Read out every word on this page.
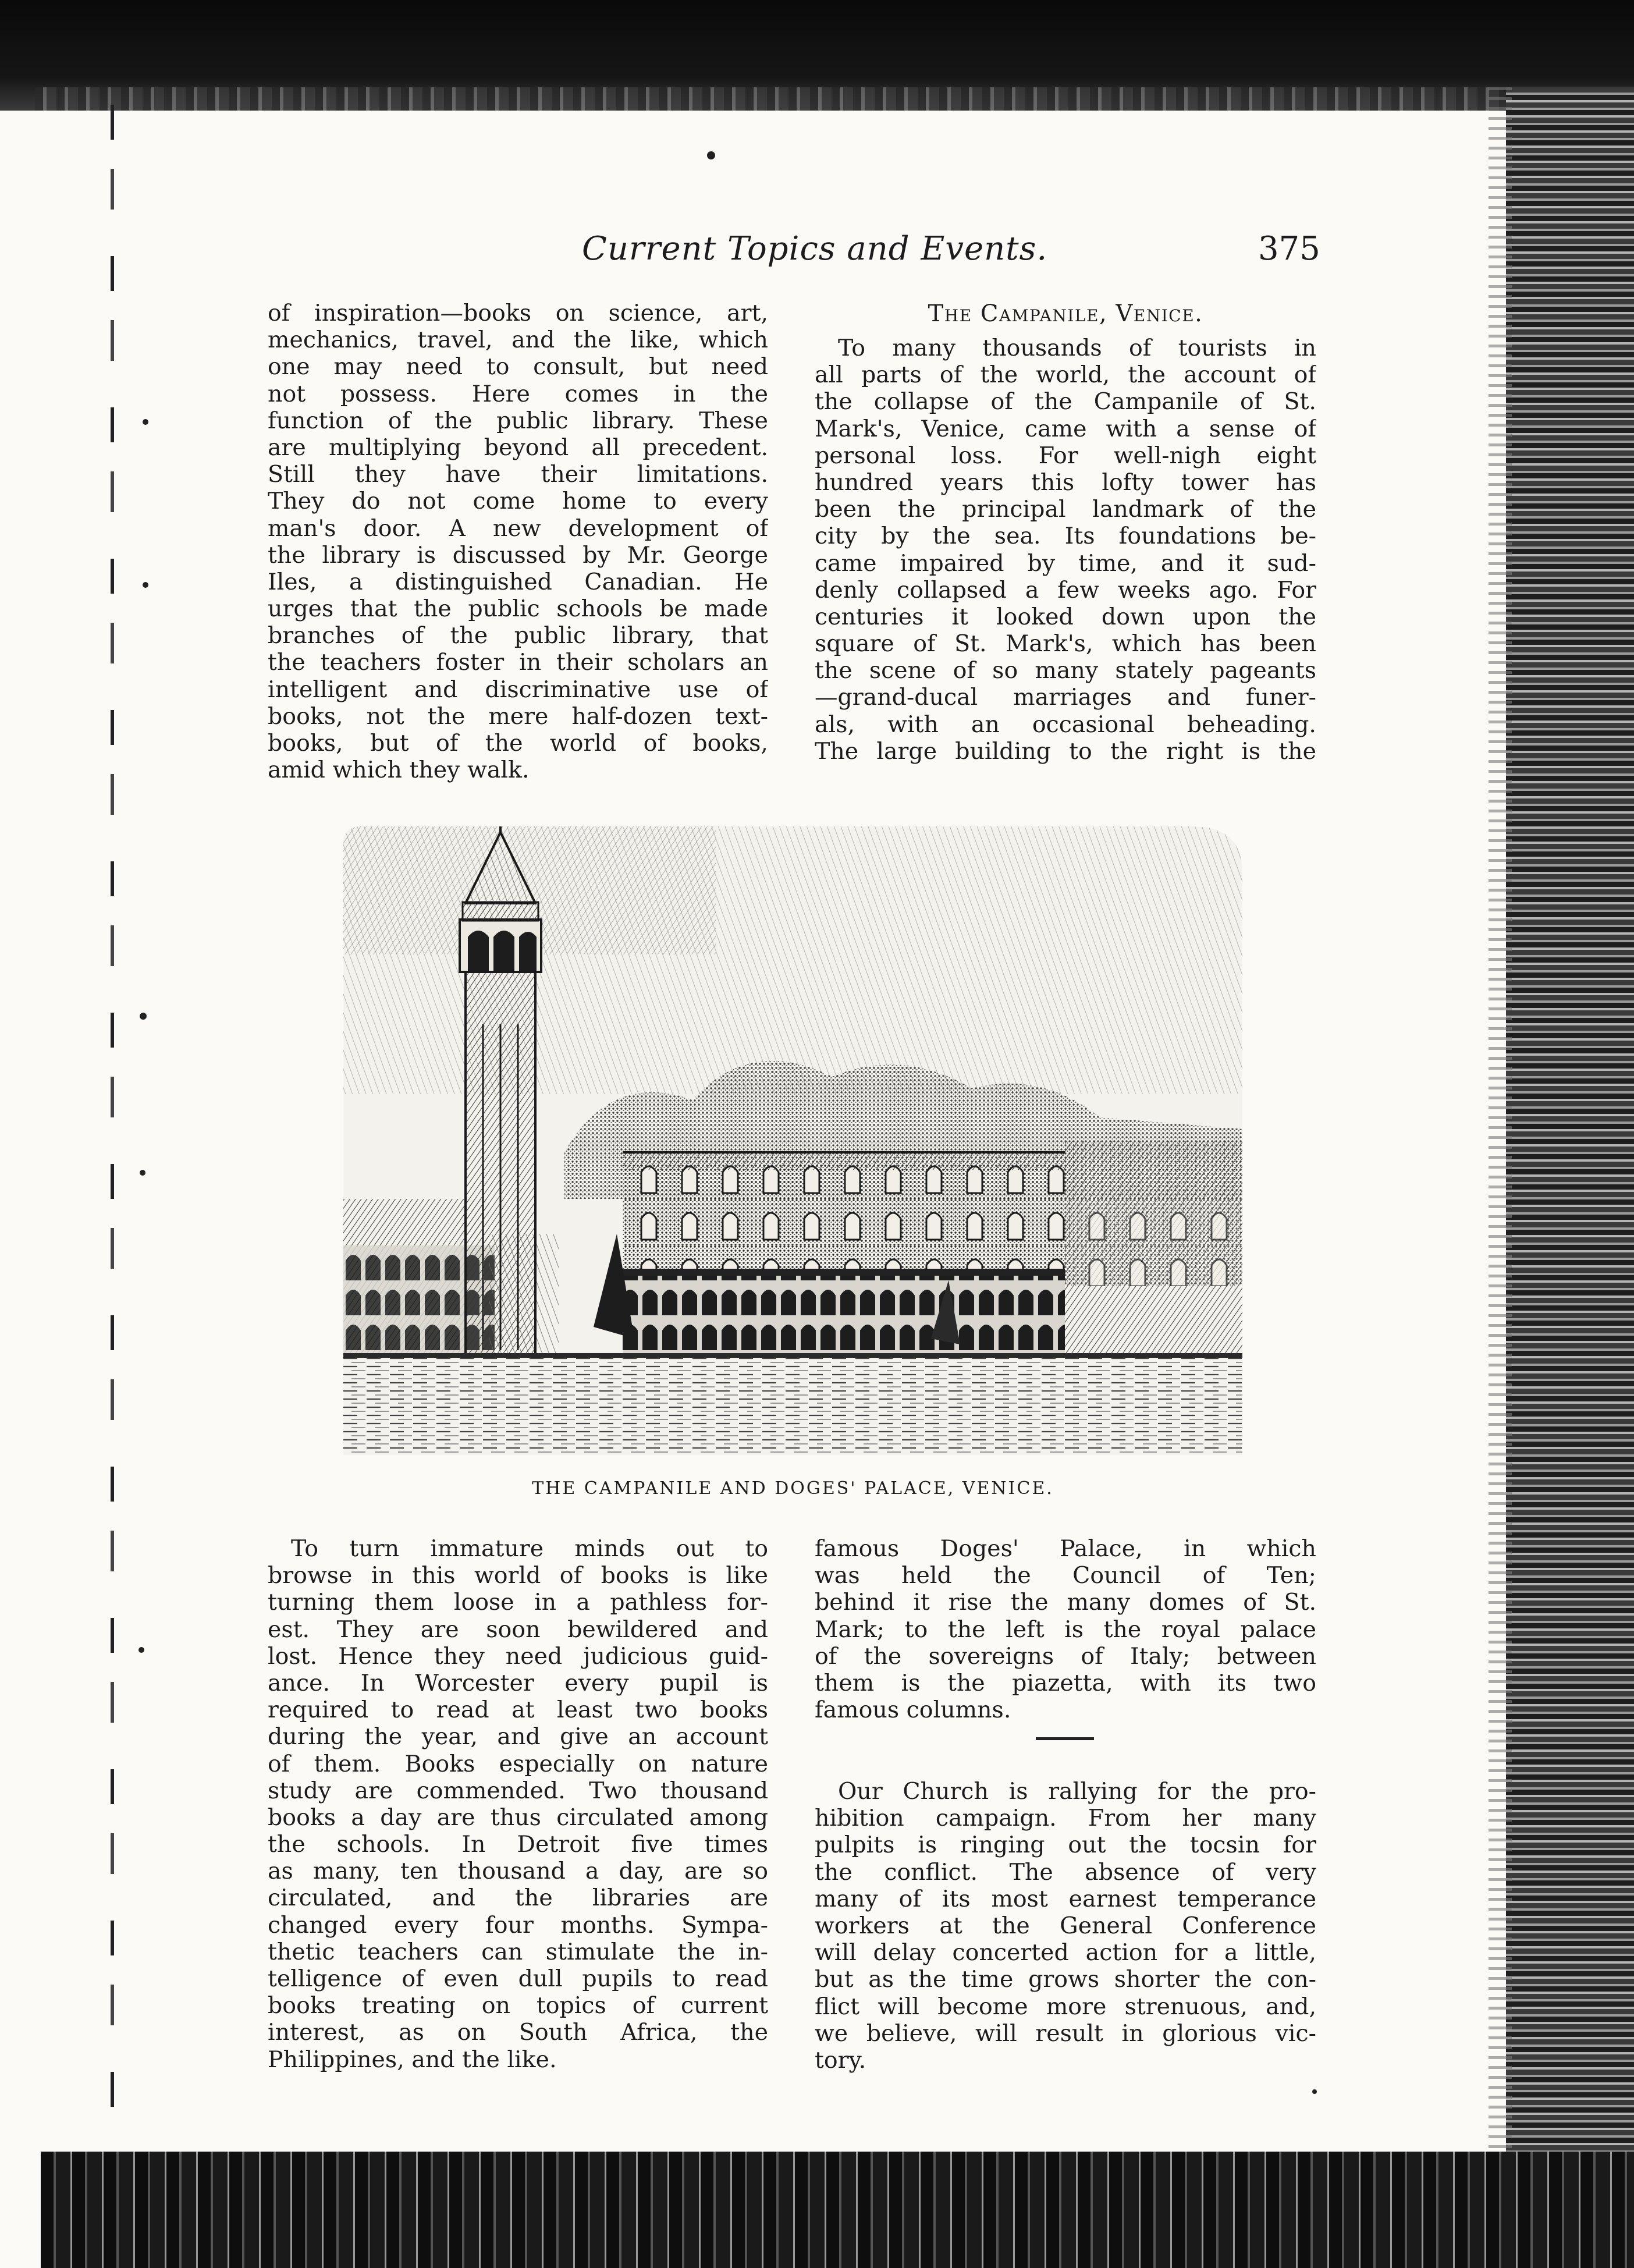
Current Topics and Events.	375
of inspiration—books on science, art,
mechanics, travel, and the like, which
one may need to consult, but need
not possess. Here comes in the
function of the public library. These
are multiplying beyond all precedent.
Still they have their limitations.
They do not come home to every
man's door. A new development of
the library is discussed by Mr. George
Iles, a distinguished Canadian. He
urges that the public schools be made
branches of the public library, that
the teachers foster in their scholars an
intelligent and discriminative use of
books, not the mere half-dozen text-
books, but of the world of books,
amid which they walk.
The Campanile, Venice.
To many thousands of tourists in
all parts of the world, the account of
the collapse of the Campanile of St.
Mark's, Venice, came with a sense of
personal loss. For well-nigh eight
hundred years this lofty tower has
been the principal landmark of the
city by the sea. Its foundations be-
came impaired by time, and it sud-
denly collapsed a few weeks ago. For
centuries it looked down upon the
square of St. Mark's, which has been
the scene of so many stately pageants
—grand-ducal marriages and funer-
als, with an occasional beheading.
The large building to the right is the
THE CAMPANILE AND DOGES' PALACE, VENICE.
To turn immature minds out to
browse in this world of books is like
turning them loose in a pathless for-
est. They are soon bewildered and
lost. Hence they need judicious guid-
ance. In Worcester every pupil is
required to read at least two books
during the year, and give an account
of them. Books especially on nature
study are commended. Two thousand
books a day are thus circulated among
the schools. In Detroit five times
as many, ten thousand a day, are so
circulated, and the libraries are
changed every four months. Sympa-
thetic teachers can stimulate the in-
telligence of even dull pupils to read
books treating on topics of current
interest, as on South Africa, the
Philippines, and the like.
famous Doges' Palace, in which
was held the Council of Ten;
behind it rise the many domes of St.
Mark; to the left is the royal palace
of the sovereigns of Italy; between
them is the piazetta, with its two
famous columns.
Our Church is rallying for the pro-
hibition campaign. From her many
pulpits is ringing out the tocsin for
the conflict. The absence of very
many of its most earnest temperance
workers at the General Conference
will delay concerted action for a little,
but as the time grows shorter the con-
flict will become more strenuous, and,
we believe, will result in glorious vic-
tory.
